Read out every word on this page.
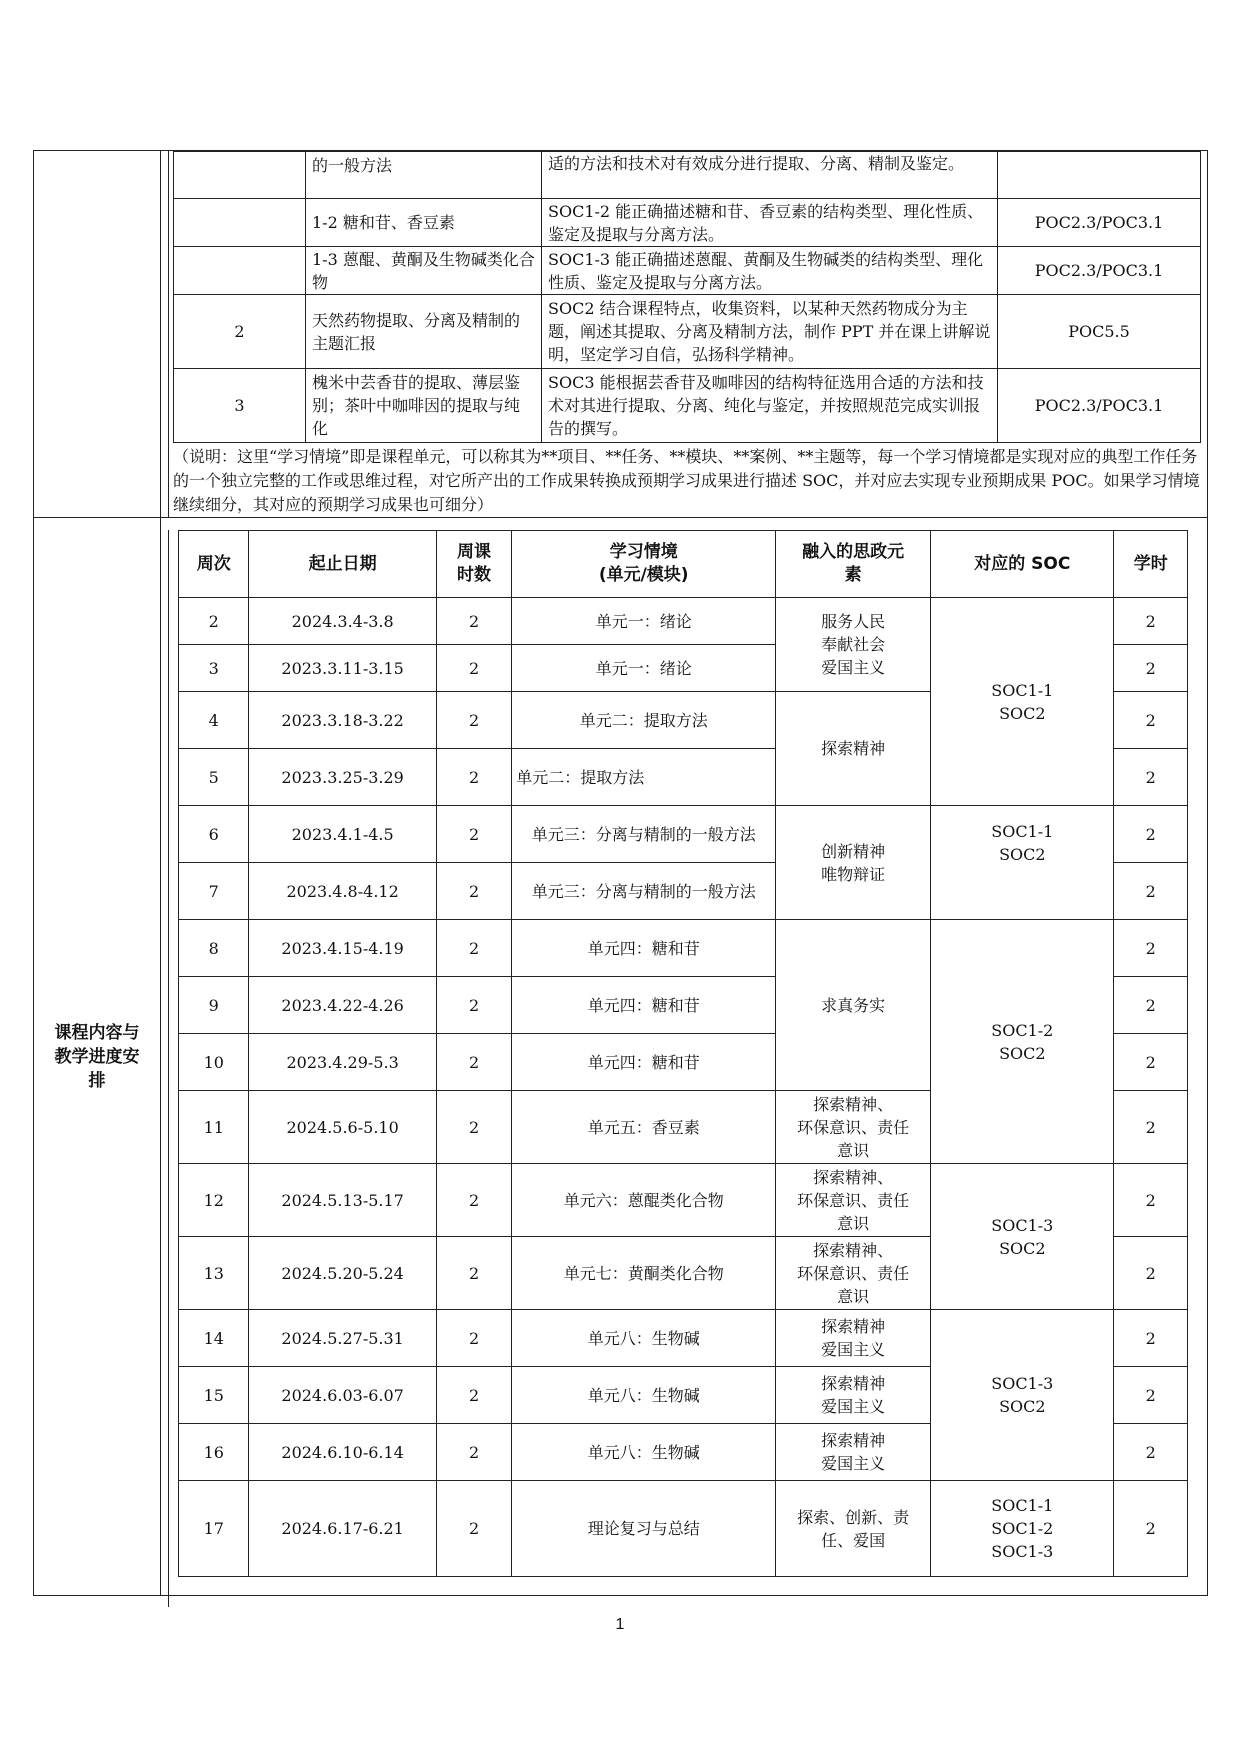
	的一般方法	适的方法和技术对有效成分进行提取、分离、精制及鉴定。	
	1-2 糖和苷、香豆素	SOC1-2 能正确描述糖和苷、香豆素的结构类型、理化性质、鉴定及提取与分离方法。	POC2.3/POC3.1
	1-3 蒽醌、黄酮及生物碱类化合物	SOC1-3 能正确描述蒽醌、黄酮及生物碱类的结构类型、理化性质、鉴定及提取与分离方法。	POC2.3/POC3.1
2	天然药物提取、分离及精制的主题汇报	SOC2 结合课程特点，收集资料，以某种天然药物成分为主题，阐述其提取、分离及精制方法，制作 PPT 并在课上讲解说明，坚定学习自信，弘扬科学精神。	POC5.5
3	槐米中芸香苷的提取、薄层鉴别；茶叶中咖啡因的提取与纯化	SOC3 能根据芸香苷及咖啡因的结构特征选用合适的方法和技术对其进行提取、分离、纯化与鉴定，并按照规范完成实训报告的撰写。	POC2.3/POC3.1
（说明：这里“学习情境”即是课程单元，可以称其为**项目、**任务、**模块、**案例、**主题等，每一个学习情境都是实现对应的典型工作任务的一个独立完整的工作或思维过程，对它所产出的工作成果转换成预期学习成果进行描述 SOC，并对应去实现专业预期成果 POC。如果学习情境继续细分，其对应的预期学习成果也可细分）

课程内容与教学进度安排

周次	起止日期	周课
时数	学习情境
(单元/模块)	融入的思政元
素	对应的 SOC	学时
2	2024.3.4-3.8	2	单元一：绪论	服务人民
奉献社会
爱国主义	SOC1-1
SOC2	2
3	2023.3.11-3.15	2	单元一：绪论	2
4	2023.3.18-3.22	2	单元二：提取方法	探索精神	2
5	2023.3.25-3.29	2	单元二：提取方法	2
6	2023.4.1-4.5	2	单元三：分离与精制的一般方法	创新精神
唯物辩证	SOC1-1
SOC2	2
7	2023.4.8-4.12	2	单元三：分离与精制的一般方法	2
8	2023.4.15-4.19	2	单元四：糖和苷	求真务实	SOC1-2
SOC2	2
9	2023.4.22-4.26	2	单元四：糖和苷	2
10	2023.4.29-5.3	2	单元四：糖和苷	2
11	2024.5.6-5.10	2	单元五：香豆素	探索精神、
环保意识、责任
意识	2
12	2024.5.13-5.17	2	单元六：蒽醌类化合物	探索精神、
环保意识、责任
意识	SOC1-3
SOC2	2
13	2024.5.20-5.24	2	单元七：黄酮类化合物	探索精神、
环保意识、责任
意识	2
14	2024.5.27-5.31	2	单元八：生物碱	探索精神
爱国主义	SOC1-3
SOC2	2
15	2024.6.03-6.07	2	单元八：生物碱	探索精神
爱国主义	2
16	2024.6.10-6.14	2	单元八：生物碱	探索精神
爱国主义	2
17	2024.6.17-6.21	2	理论复习与总结	探索、创新、责
任、爱国	SOC1-1
SOC1-2
SOC1-3	2
1
